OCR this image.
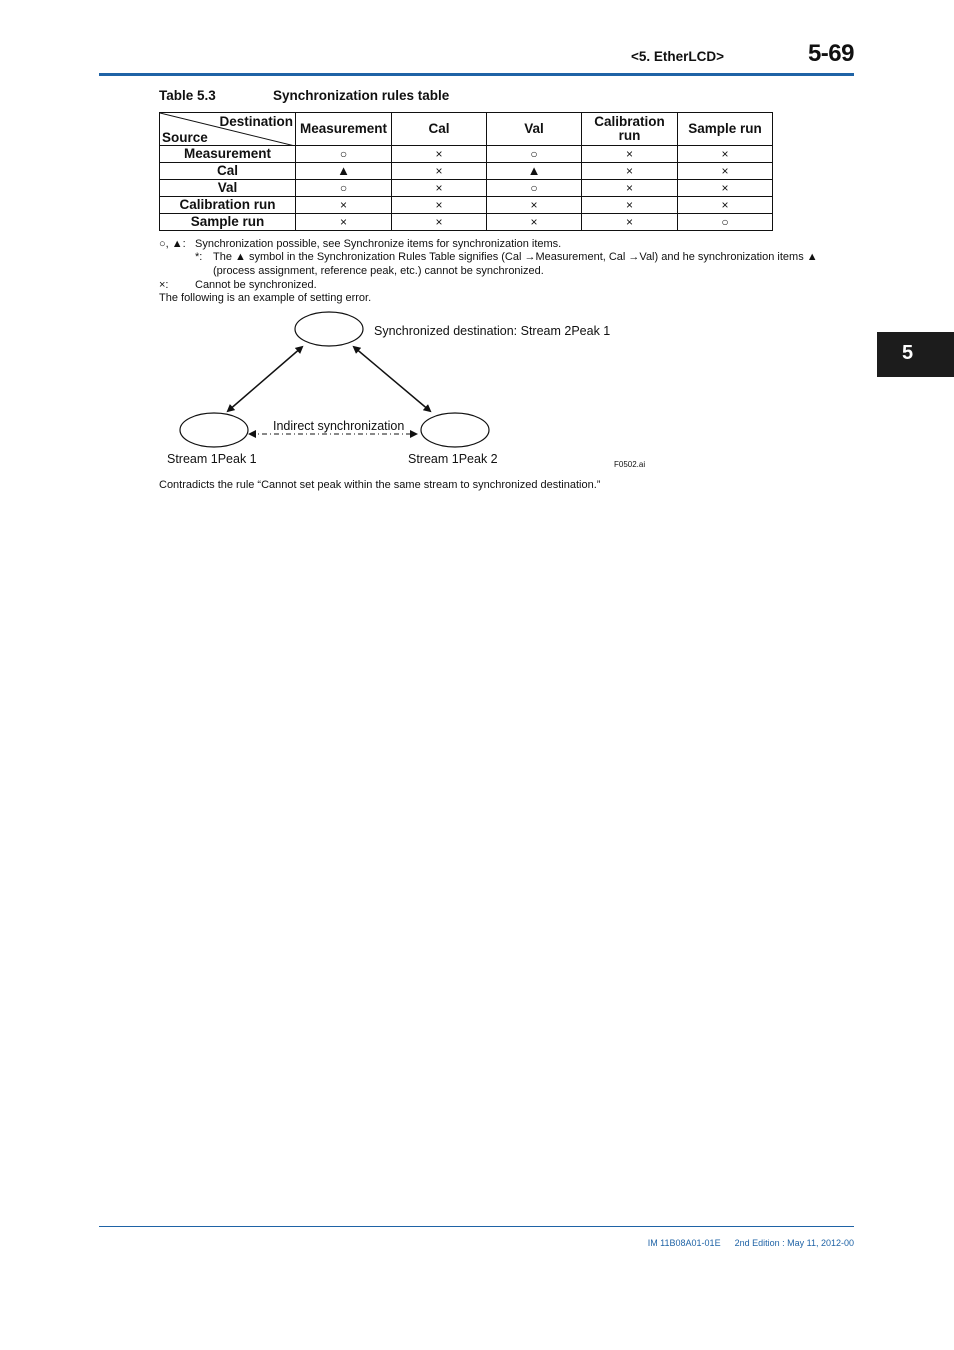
<5. EtherLCD>	5-69
5
Table 5.3	Synchronization rules table
Destination
Source	Measurement	Cal	Val	Calibration run	Sample run
Measurement	○	×	○	×	×
Cal	▲	×	▲	×	×
Val	○	×	○	×	×
Calibration run	×	×	×	×	×
Sample run	×	×	×	×	○
○, ▲: Synchronization possible, see Synchronize items for synchronization items.
*: The ▲ symbol in the Synchronization Rules Table signifies (Cal →Measurement, Cal →Val) and he synchronization items ▲
(process assignment, reference peak, etc.) cannot be synchronized.
×: Cannot be synchronized.
The following is an example of setting error.
Synchronized destination: Stream 2Peak 1
Indirect synchronization
Stream 1Peak 1	Stream 1Peak 2	F0502.ai
Contradicts the rule “Cannot set peak within the same stream to synchronized destination.”
IM 11B08A01-01E 2nd Edition : May 11, 2012-00
